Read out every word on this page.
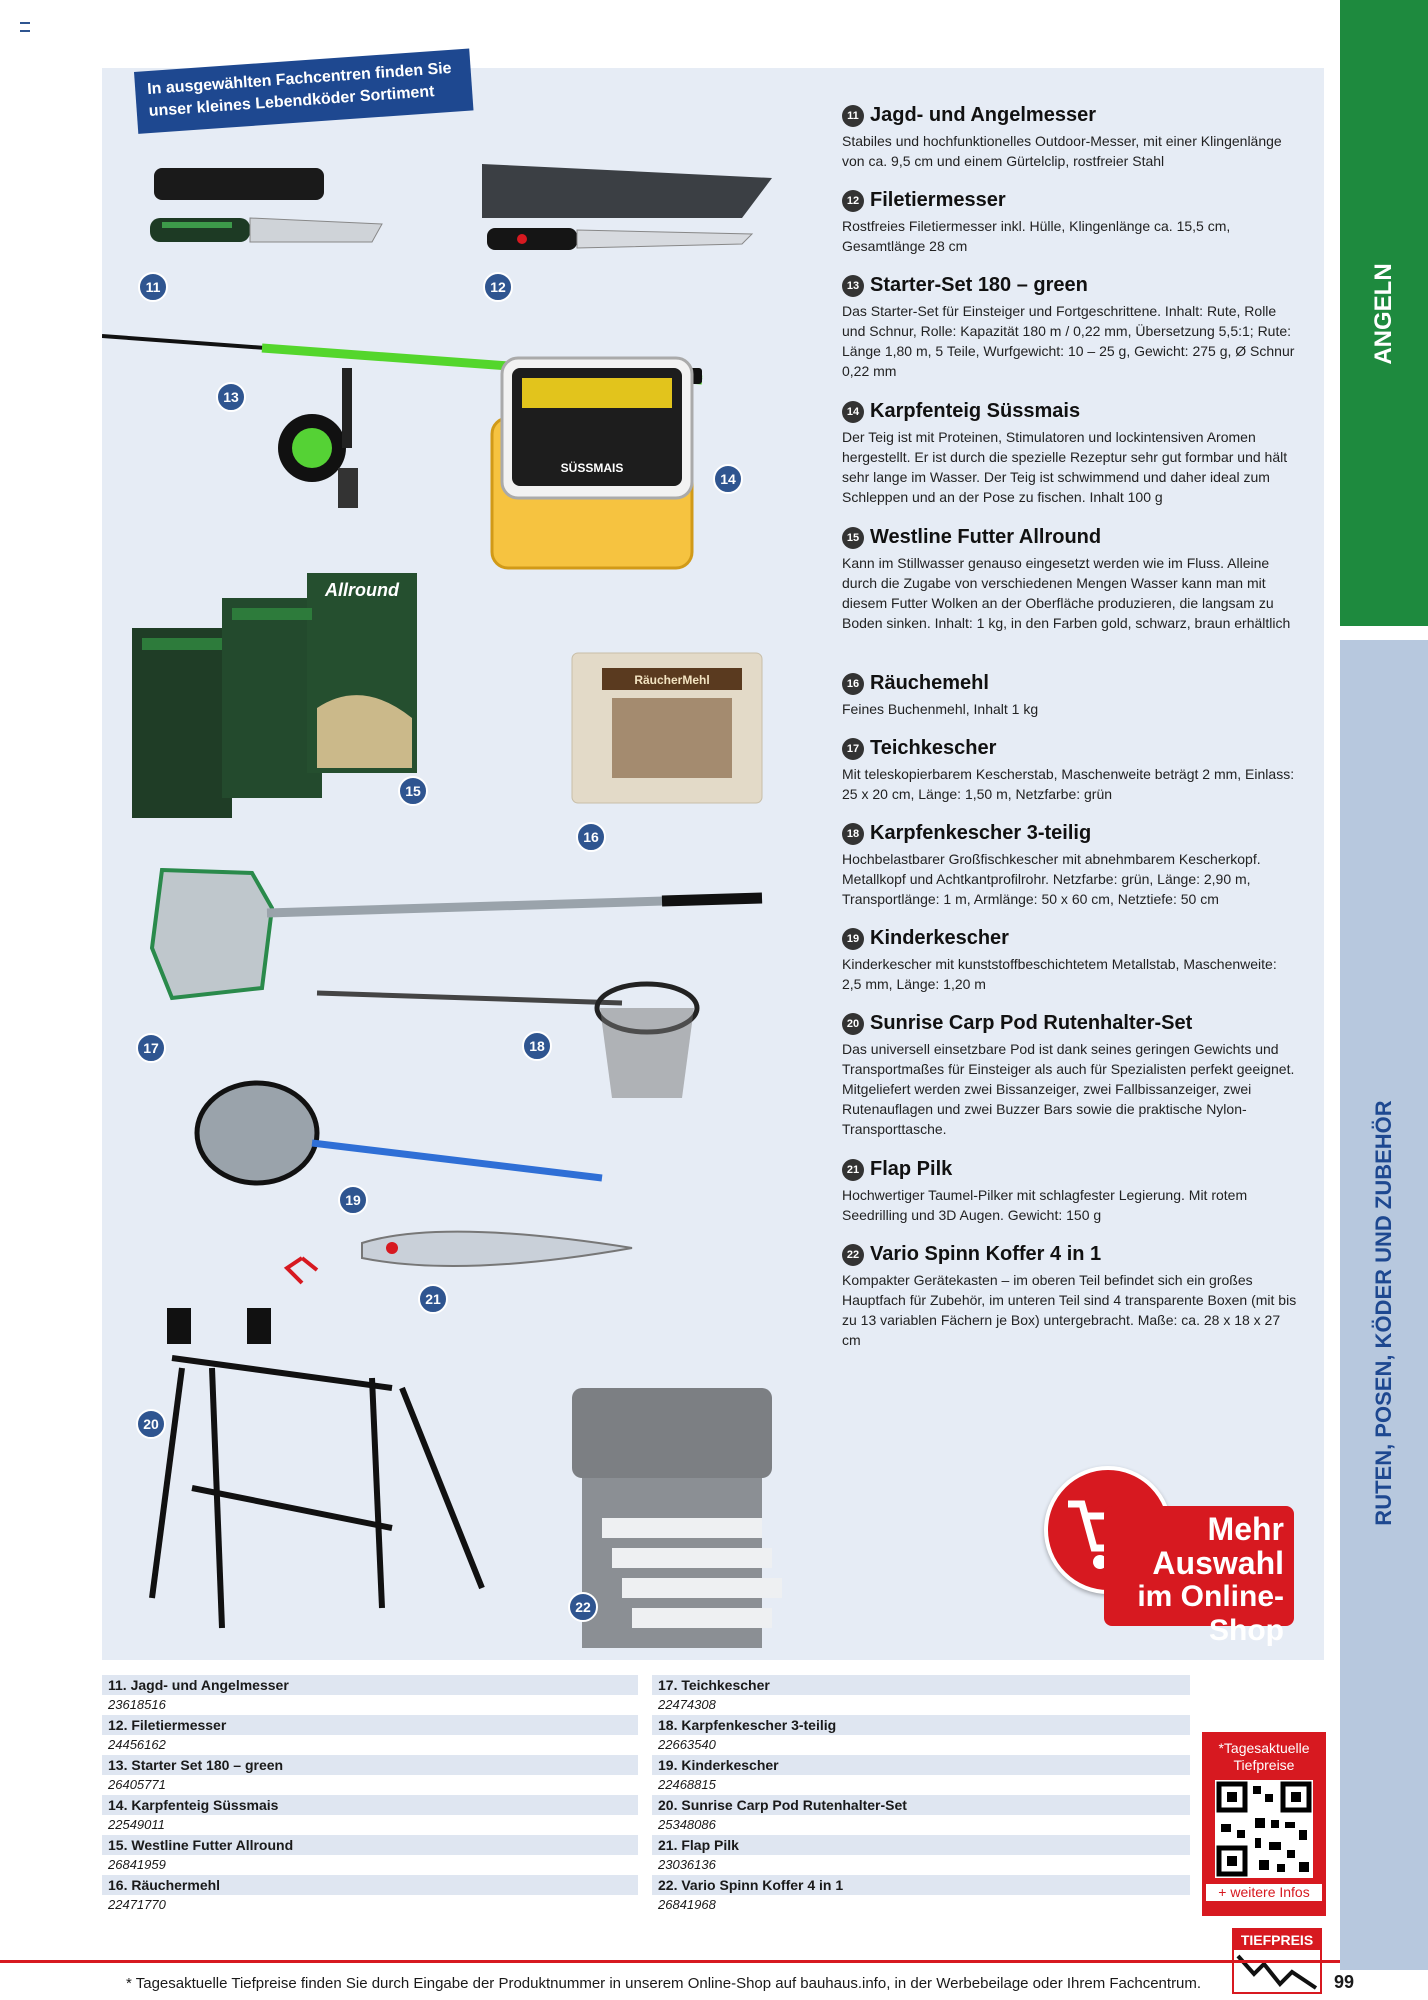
In ausgewählten Fachcentren finden Sie unser kleines Lebendköder Sortiment
SÜSSMAIS
Allround
RäucherMehl
11	12
13
14
15
16
17	18
19
21
20
22
11 Jagd- und Angelmesser

Stabiles und hochfunktionelles Outdoor-Messer, mit einer Klingenlänge von ca. 9,5 cm und einem Gürtelclip, rostfreier Stahl

12 Filetiermesser

Rostfreies Filetiermesser inkl. Hülle, Klingenlänge ca. 15,5 cm, Gesamtlänge 28 cm

13 Starter-Set 180 – green

Das Starter-Set für Einsteiger und Fortgeschrittene. Inhalt: Rute, Rolle und Schnur, Rolle: Kapazität 180 m / 0,22 mm, Übersetzung 5,5:1; Rute: Länge 1,80 m, 5 Teile, Wurfgewicht: 10 – 25 g, Gewicht: 275 g, Ø Schnur 0,22 mm

14 Karpfenteig Süssmais

Der Teig ist mit Proteinen, Stimulatoren und lockintensiven Aromen hergestellt. Er ist durch die spezielle Rezeptur sehr gut formbar und hält sehr lange im Wasser. Der Teig ist schwimmend und daher ideal zum Schleppen und an der Pose zu fischen. Inhalt 100 g

15 Westline Futter Allround

Kann im Stillwasser genauso eingesetzt werden wie im Fluss. Alleine durch die Zugabe von verschiedenen Mengen Wasser kann man mit diesem Futter Wolken an der Oberfläche produzieren, die langsam zu Boden sinken. Inhalt: 1 kg, in den Farben gold, schwarz, braun erhältlich

16 Räuchemehl

Feines Buchenmehl, Inhalt 1 kg

17 Teichkescher

Mit teleskopierbarem Kescherstab, Maschenweite beträgt 2 mm, Einlass: 25 x 20 cm, Länge: 1,50 m, Netzfarbe: grün

18 Karpfenkescher 3-teilig

Hochbelastbarer Großfischkescher mit abnehmbarem Kescherkopf. Metallkopf und Achtkantprofilrohr. Netzfarbe: grün, Länge: 2,90 m, Transportlänge: 1 m, Armlänge: 50 x 60 cm, Netztiefe: 50 cm

19 Kinderkescher

Kinderkescher mit kunststoffbeschichtetem Metallstab, Maschenweite: 2,5 mm, Länge: 1,20 m

20 Sunrise Carp Pod Rutenhalter-Set

Das universell einsetzbare Pod ist dank seines geringen Gewichts und Transportmaßes für Einsteiger als auch für Spezialisten perfekt geeignet. Mitgeliefert werden zwei Bissanzeiger, zwei Fallbissanzeiger, zwei Rutenauflagen und zwei Buzzer Bars sowie die praktische Nylon-Transporttasche.

21 Flap Pilk

Hochwertiger Taumel-Pilker mit schlagfester Legierung. Mit rotem Seedrilling und 3D Augen. Gewicht: 150 g

22 Vario Spinn Koffer 4 in 1

Kompakter Gerätekasten – im oberen Teil befindet sich ein großes Hauptfach für Zubehör, im unteren Teil sind 4 transparente Boxen (mit bis zu 13 variablen Fächern je Box) untergebracht. Maße: ca. 28 x 18 x 27 cm

Mehr
Auswahl
im Online-Shop
ANGELN
RUTEN, POSEN, KÖDER UND ZUBEHÖR
11. Jagd- und Angelmesser
23618516
12. Filetiermesser
24456162
13. Starter Set 180 – green
26405771
14. Karpfenteig Süssmais
22549011
15. Westline Futter Allround
26841959
16. Räuchermehl
22471770
17. Teichkescher
22474308
18. Karpfenkescher 3-teilig
22663540
19. Kinderkescher
22468815
20. Sunrise Carp Pod Rutenhalter-Set
25348086
21. Flap Pilk
23036136
22. Vario Spinn Koffer 4 in 1
26841968
*Tagesaktuelle Tiefpreise
+ weitere Infos
TIEFPREIS
* Tagesaktuelle Tiefpreise finden Sie durch Eingabe der Produktnummer in unserem Online-Shop auf bauhaus.info, in der Werbebeilage oder Ihrem Fachcentrum.	99
